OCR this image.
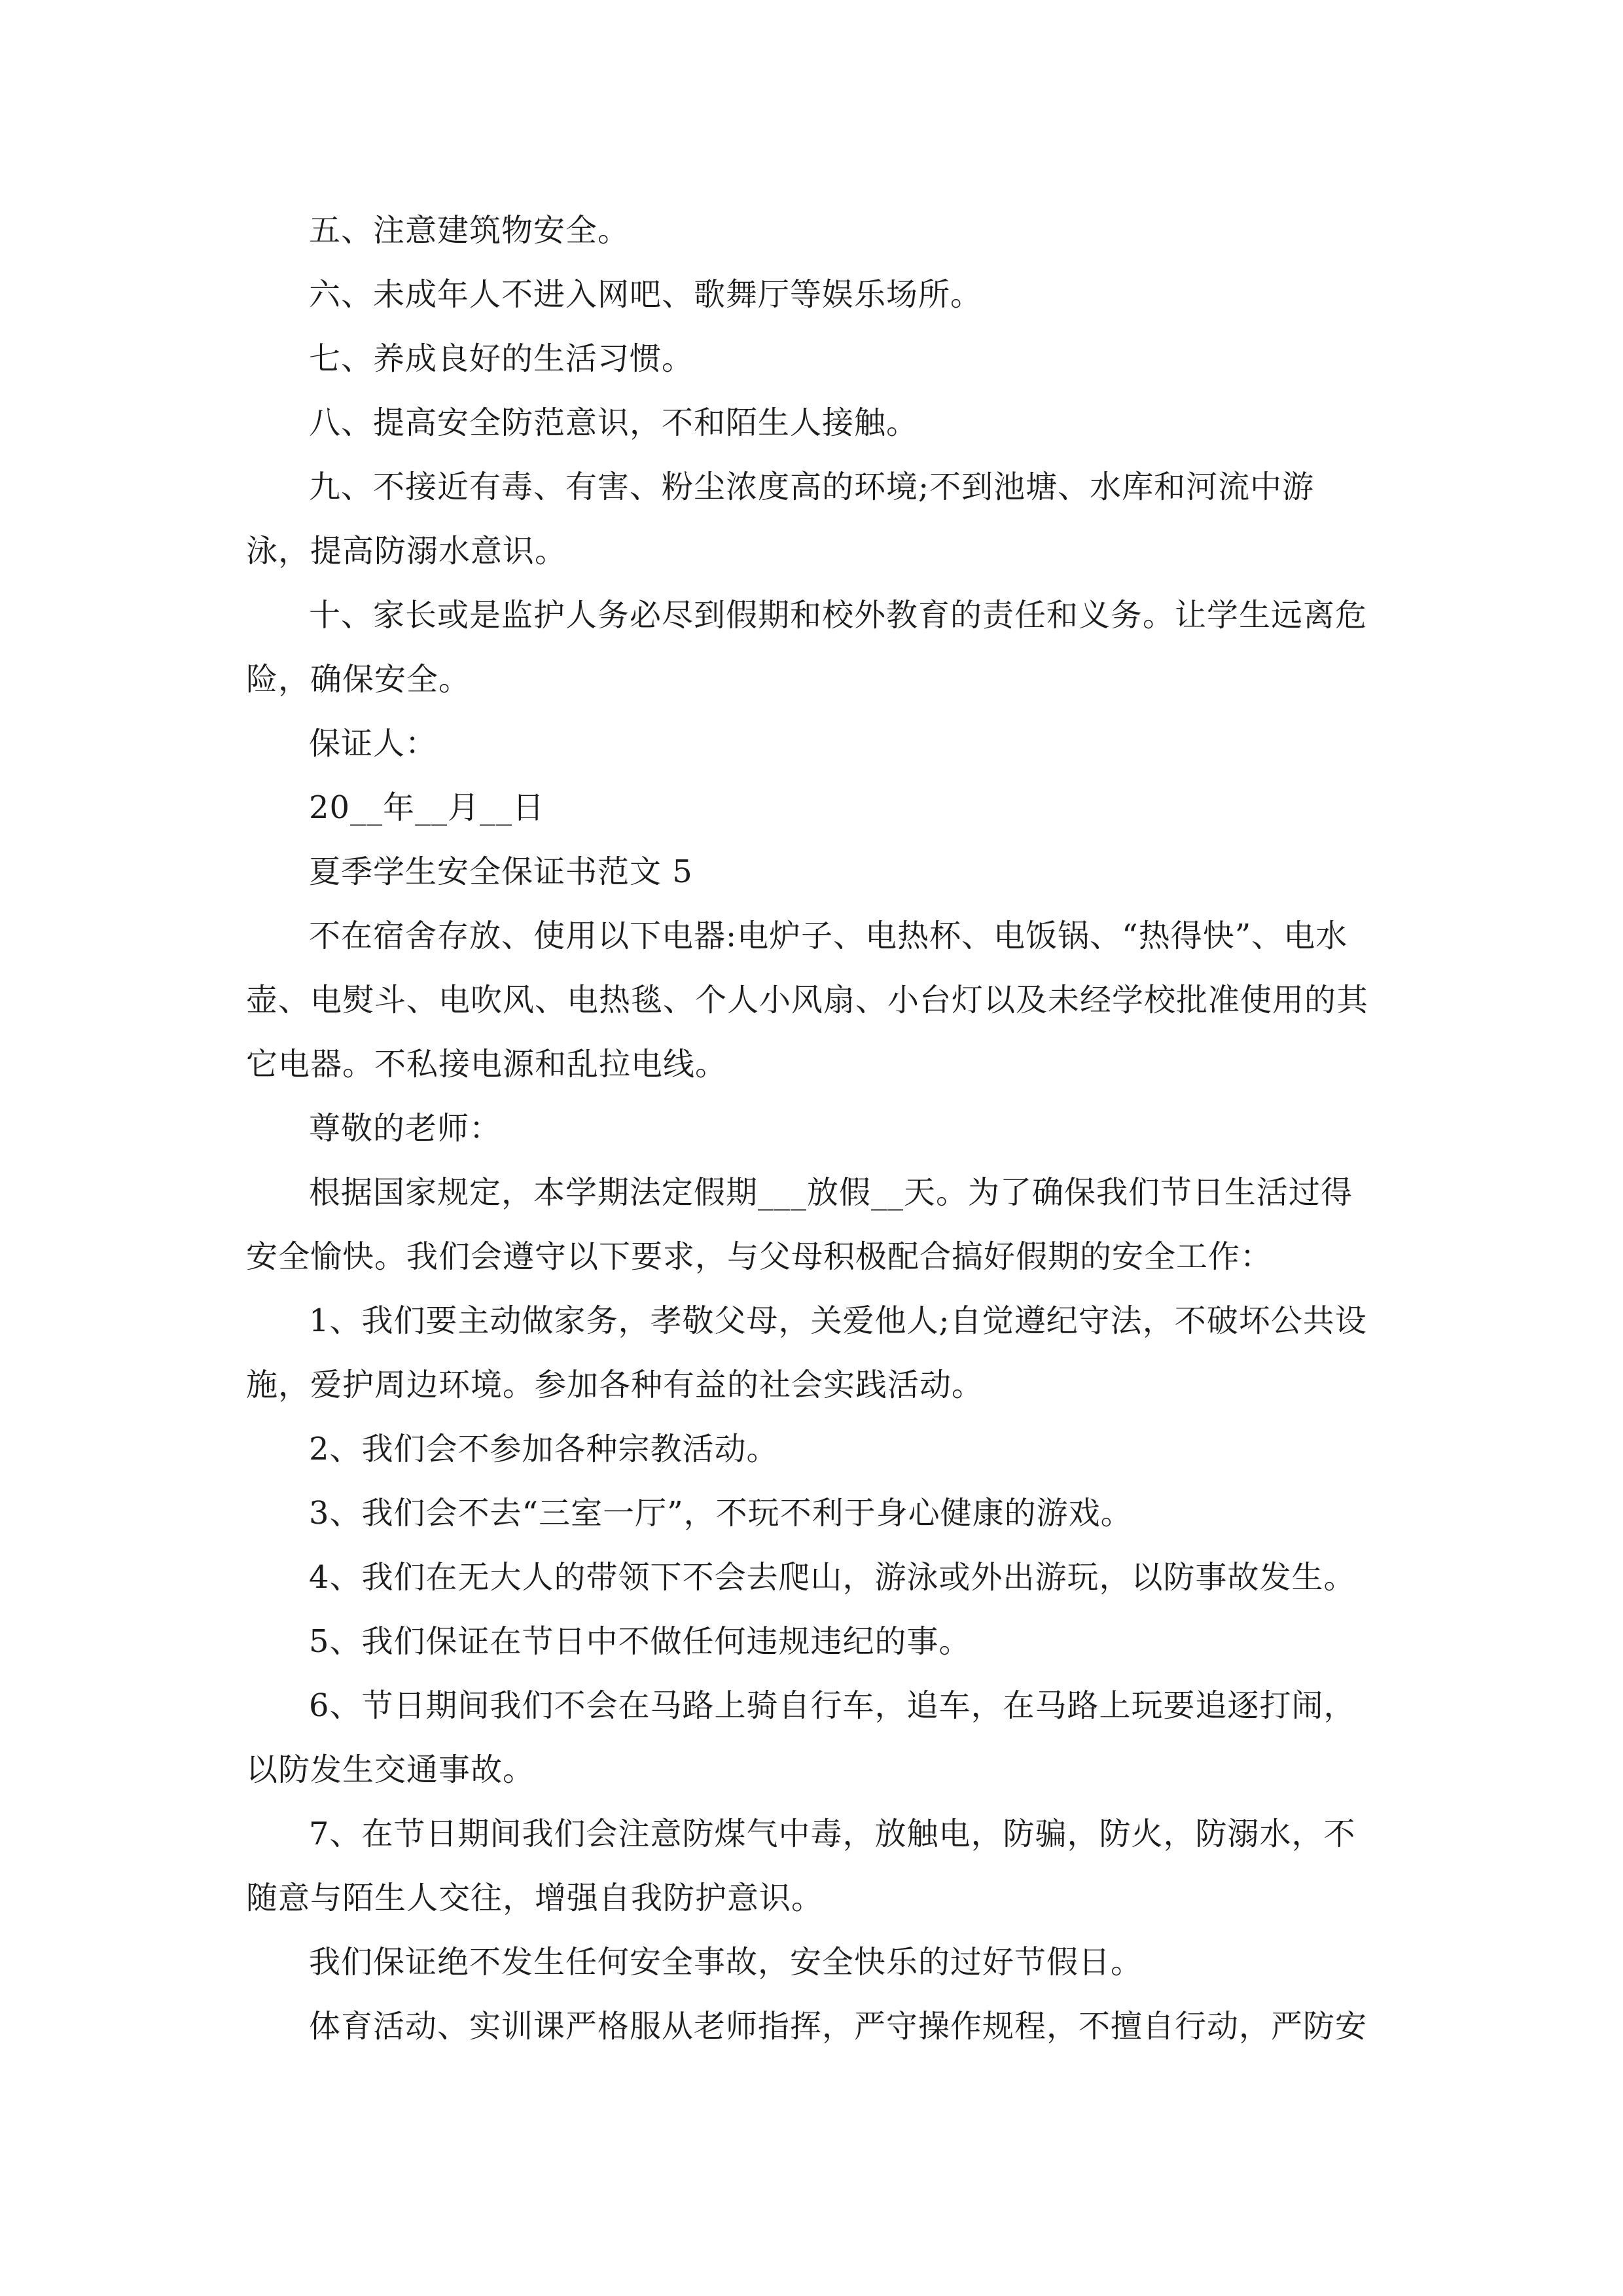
五、注意建筑物安全。

六、未成年人不进入网吧、歌舞厅等娱乐场所。

七、养成良好的生活习惯。

八、提高安全防范意识，不和陌生人接触。

九、不接近有毒、有害、粉尘浓度高的环境;不到池塘、水库和河流中游泳，提高防溺水意识。

十、家长或是监护人务必尽到假期和校外教育的责任和义务。让学生远离危险，确保安全。

保证人：

20__年__月__日

夏季学生安全保证书范文 5

不在宿舍存放、使用以下电器:电炉子、电热杯、电饭锅、“热得快”、电水壶、电熨斗、电吹风、电热毯、个人小风扇、小台灯以及未经学校批准使用的其它电器。不私接电源和乱拉电线。

尊敬的老师：

根据国家规定，本学期法定假期___放假__天。为了确保我们节日生活过得安全愉快。我们会遵守以下要求，与父母积极配合搞好假期的安全工作：

1、我们要主动做家务，孝敬父母，关爱他人;自觉遵纪守法，不破坏公共设施，爱护周边环境。参加各种有益的社会实践活动。

2、我们会不参加各种宗教活动。

3、我们会不去“三室一厅”，不玩不利于身心健康的游戏。

4、我们在无大人的带领下不会去爬山，游泳或外出游玩，以防事故发生。

5、我们保证在节日中不做任何违规违纪的事。

6、节日期间我们不会在马路上骑自行车，追车，在马路上玩要追逐打闹，以防发生交通事故。

7、在节日期间我们会注意防煤气中毒，放触电，防骗，防火，防溺水，不随意与陌生人交往，增强自我防护意识。

我们保证绝不发生任何安全事故，安全快乐的过好节假日。

体育活动、实训课严格服从老师指挥，严守操作规程，不擅自行动，严防安
